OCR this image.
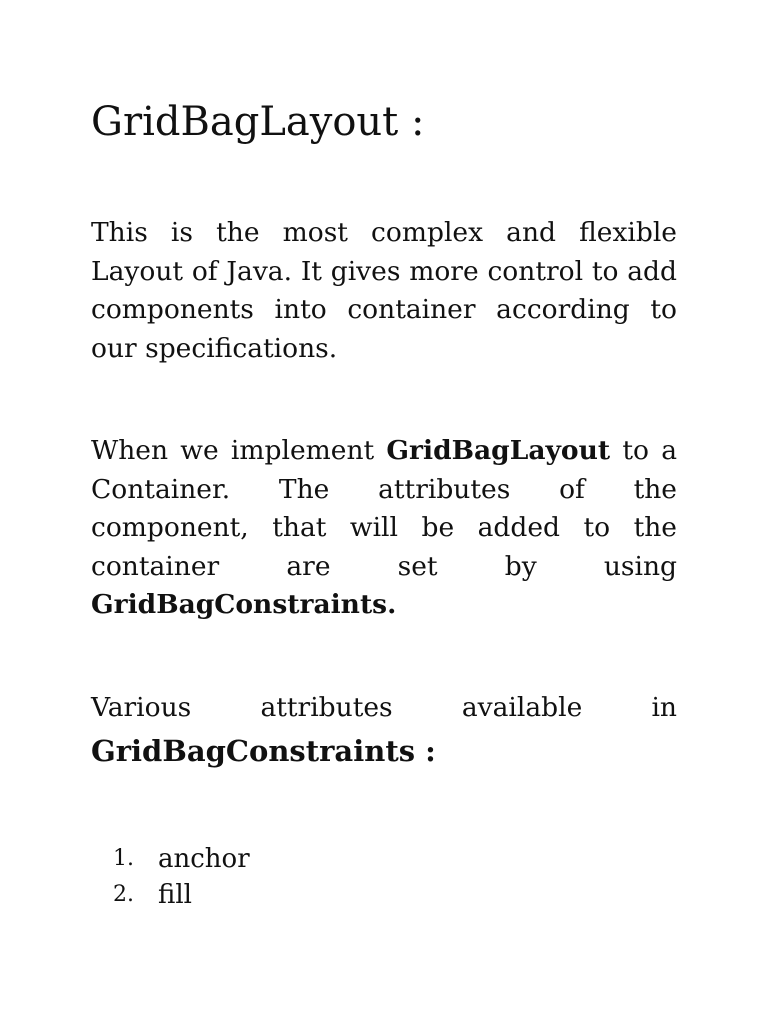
GridBagLayout :

This is the most complex and flexible Layout of Java. It gives more control to add components into container according to our specifications.

When we implement GridBagLayout to a Container. The attributes of the component, that will be added to the container are set by using GridBagConstraints.

Various attributes available in

GridBagConstraints :

1. anchor
2. fill
